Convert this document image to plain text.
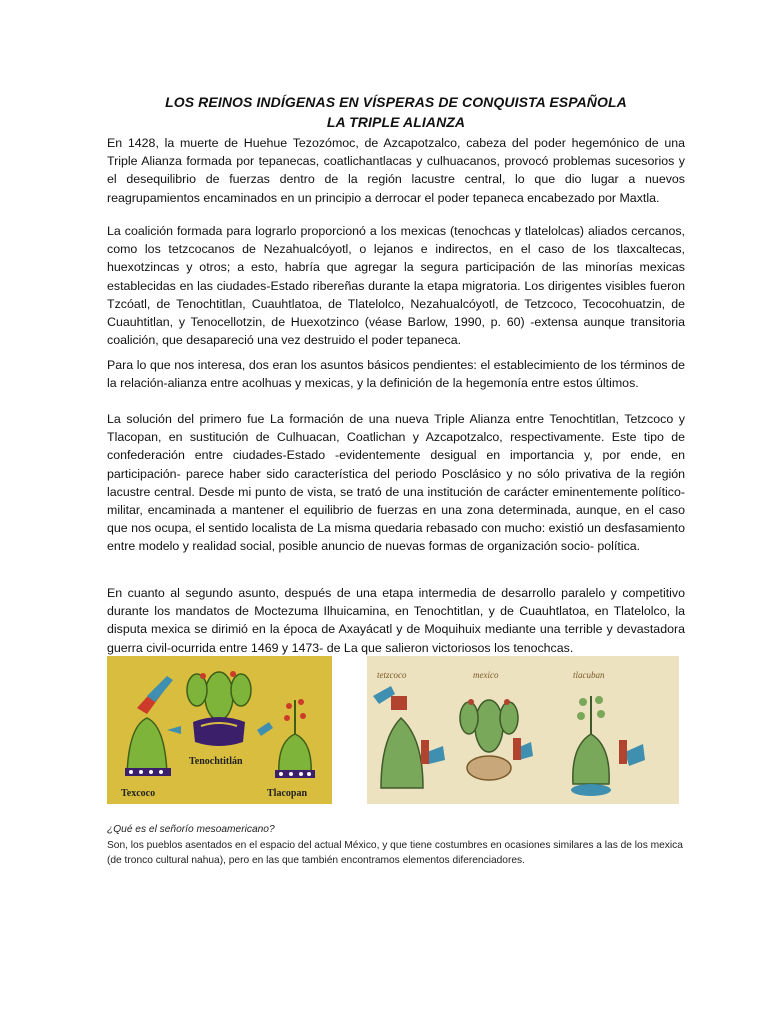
LOS REINOS INDÍGENAS EN VÍSPERAS DE CONQUISTA ESPAÑOLA
LA TRIPLE ALIANZA

En 1428, la muerte de Huehue Tezozómoc, de Azcapotzalco, cabeza del poder hegemónico de una Triple Alianza formada por tepanecas, coatlichantlacas y culhuacanos, provocó problemas sucesorios y el desequilibrio de fuerzas dentro de la región lacustre central, lo que dio lugar a nuevos reagrupamientos encaminados en un principio a derrocar el poder tepaneca encabezado por Maxtla.

La coalición formada para lograrlo proporcionó a los mexicas (tenochcas y tlatelolcas) aliados cercanos, como los tetzcocanos de Nezahualcóyotl, o lejanos e indirectos, en el caso de los tlaxcaltecas, huexotzincas y otros; a esto, habría que agregar la segura participación de las minorías mexicas establecidas en las ciudades-Estado ribereñas durante la etapa migratoria. Los dirigentes visibles fueron Tzcóatl, de Tenochtitlan, Cuauhtlatoa, de Tlatelolco, Nezahualcóyotl, de Tetzcoco, Tecocohuatzin, de Cuauhtitlan, y Tenocellotzin, de Huexotzinco (véase Barlow, 1990, p. 60) -extensa aunque transitoria coalición, que desapareció una vez destruido el poder tepaneca.

Para lo que nos interesa, dos eran los asuntos básicos pendientes: el establecimiento de los términos de la relación-alianza entre acolhuas y mexicas, y la definición de la hegemonía entre estos últimos.

La solución del primero fue La formación de una nueva Triple Alianza entre Tenochtitlan, Tetzcoco y Tlacopan, en sustitución de Culhuacan, Coatlichan y Azcapotzalco, respectivamente. Este tipo de confederación entre ciudades-Estado -evidentemente desigual en importancia y, por ende, en participación- parece haber sido característica del periodo Posclásico y no sólo privativa de la región lacustre central. Desde mi punto de vista, se trató de una institución de carácter eminentemente político-militar, encaminada a mantener el equilibrio de fuerzas en una zona determinada, aunque, en el caso que nos ocupa, el sentido localista de La misma quedaria rebasado con mucho: existió un desfasamiento entre modelo y realidad social, posible anuncio de nuevas formas de organización socio- política.

En cuanto al segundo asunto, después de una etapa intermedia de desarrollo paralelo y competitivo durante los mandatos de Moctezuma Ilhuicamina, en Tenochtitlan, y de Cuauhtlatoa, en Tlatelolco, la disputa mexica se dirimió en la época de Axayácatl y de Moquihuix mediante una terrible y devastadora guerra civil-ocurrida entre 1469 y 1473- de La que salieron victoriosos los tenochcas.

Texcoco
Tenochtitlán
Tlacopan
tetzcoco	mexico	tlacuban
¿Qué es el señorío mesoamericano?
Son, los pueblos asentados en el espacio del actual México, y que tiene costumbres en ocasiones similares a las de los mexica (de tronco cultural nahua), pero en las que también encontramos elementos diferenciadores.
